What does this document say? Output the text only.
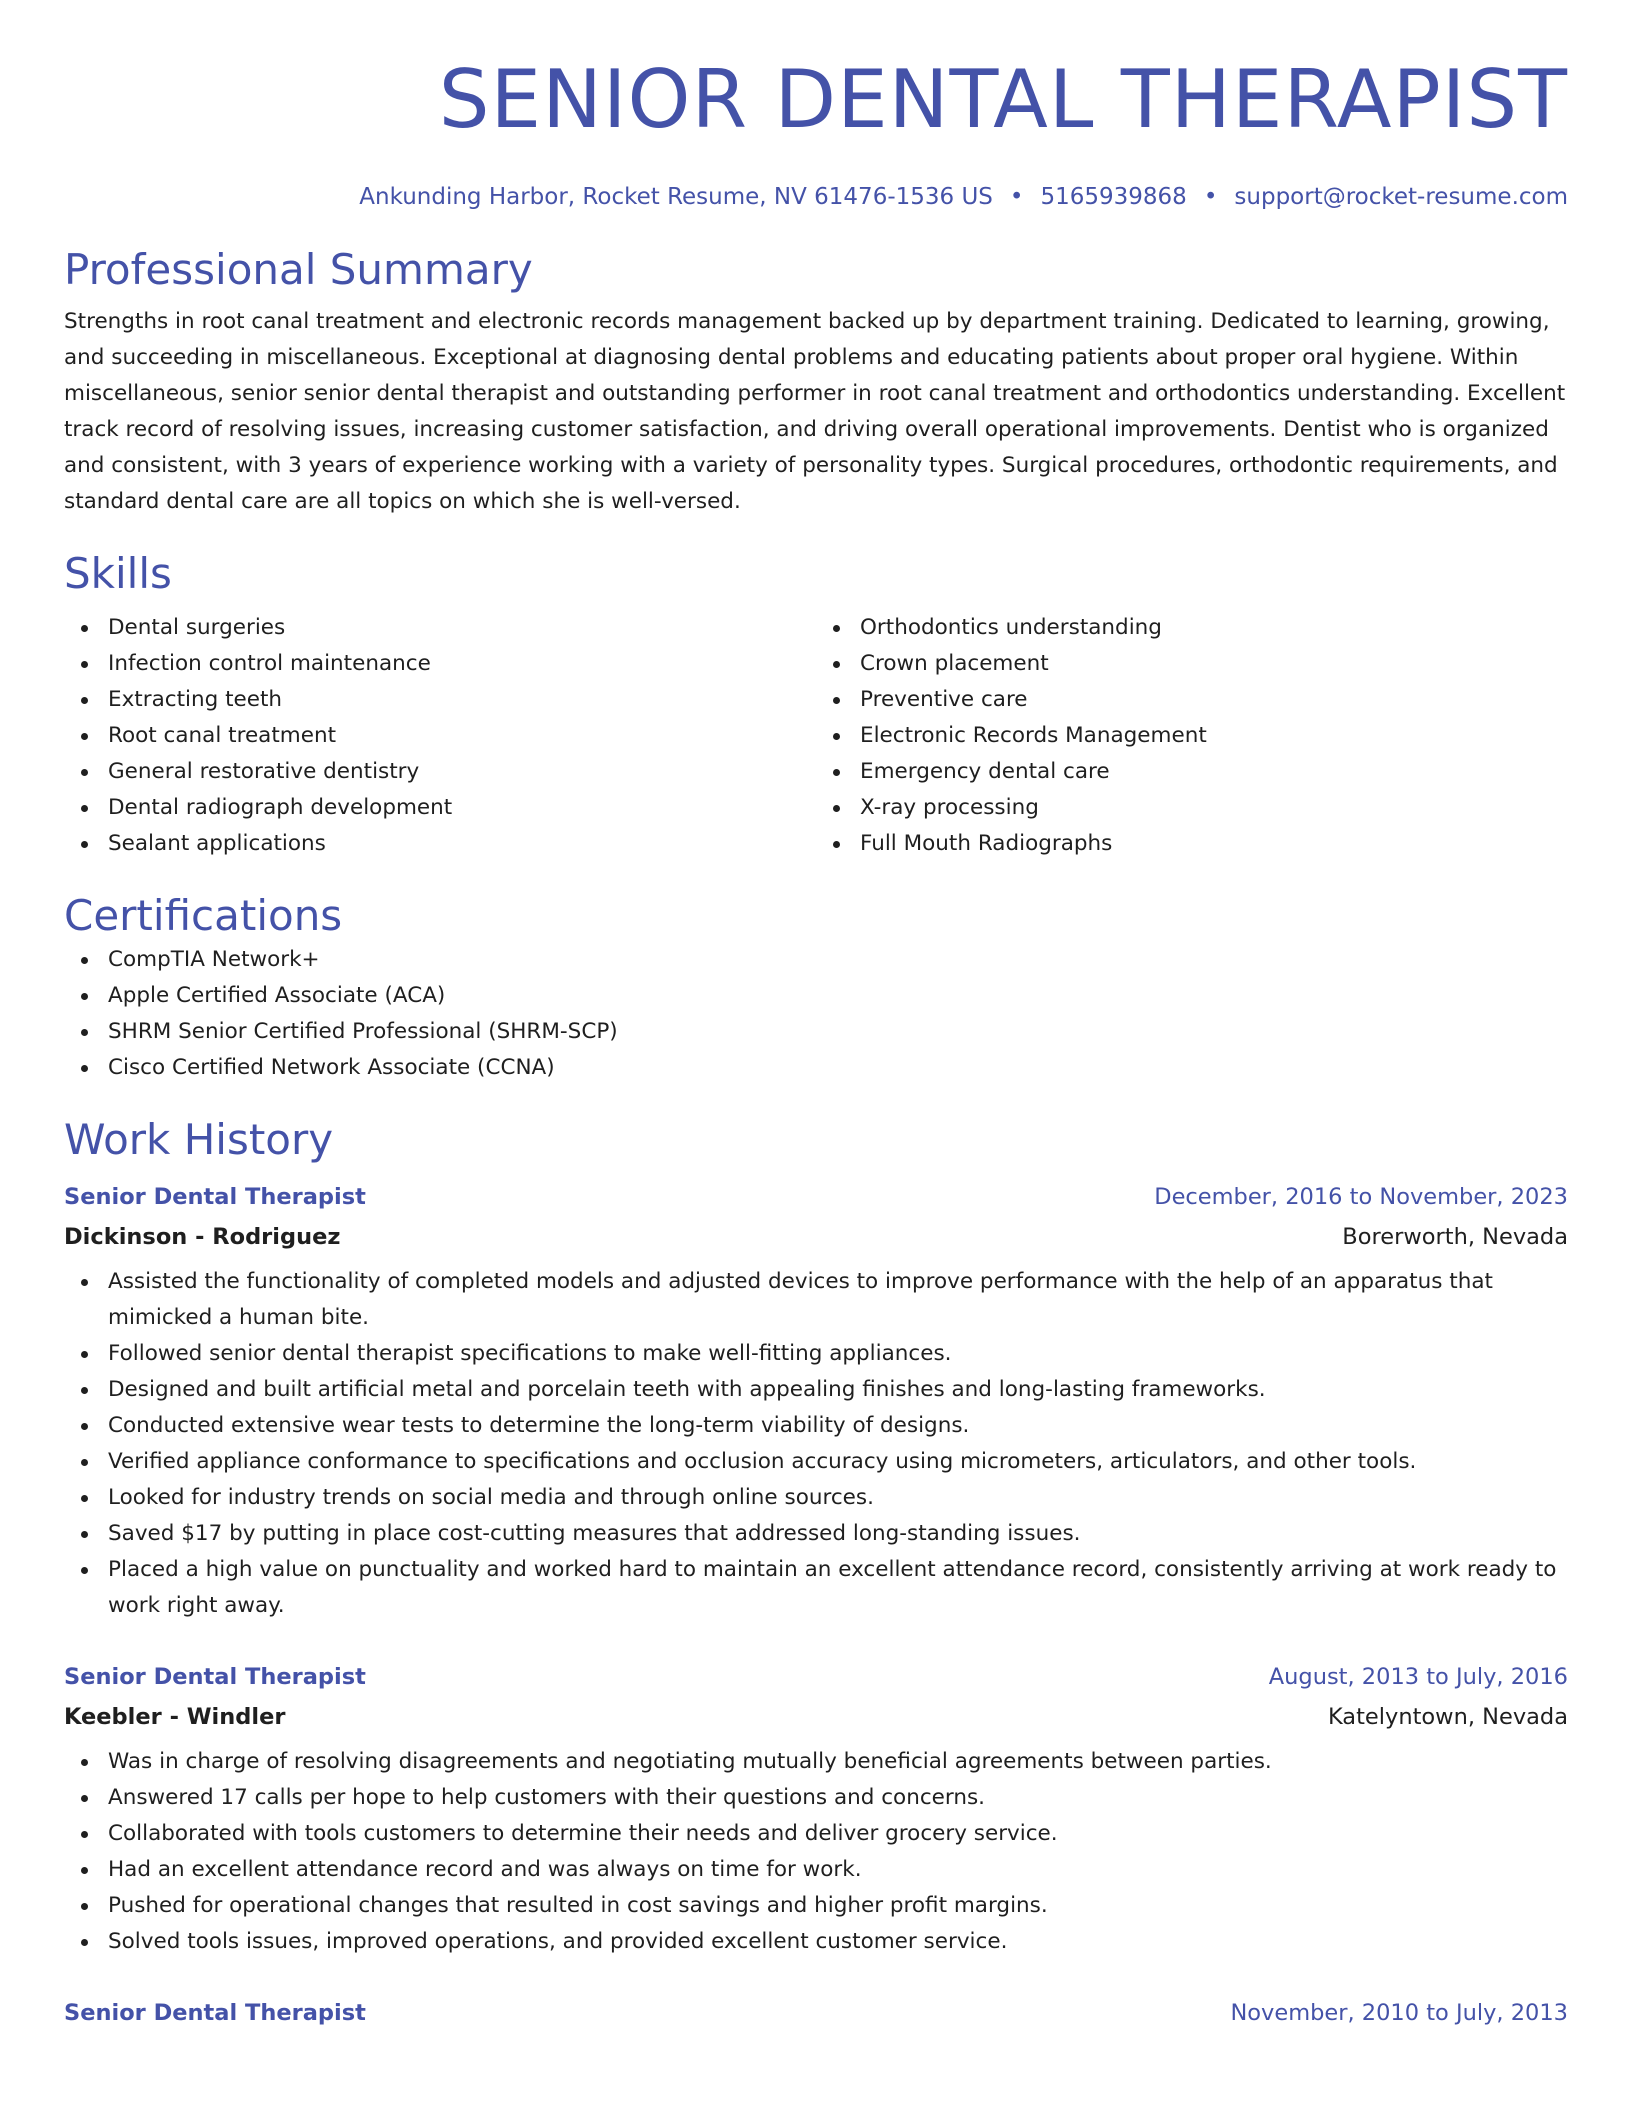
SENIOR DENTAL THERAPIST
Ankunding Harbor, Rocket Resume, NV 61476-1536 US • 5165939868 • support@rocket-resume.com
Professional Summary
Strengths in root canal treatment and electronic records management backed up by department training. Dedicated to learning, growing, and succeeding in miscellaneous. Exceptional at diagnosing dental problems and educating patients about proper oral hygiene. Within miscellaneous, senior senior dental therapist and outstanding performer in root canal treatment and orthodontics understanding. Excellent track record of resolving issues, increasing customer satisfaction, and driving overall operational improvements. Dentist who is organized and consistent, with 3 years of experience working with a variety of personality types. Surgical procedures, orthodontic requirements, and standard dental care are all topics on which she is well-versed.
Skills
Dental surgeries
Infection control maintenance
Extracting teeth
Root canal treatment
General restorative dentistry
Dental radiograph development
Sealant applications
Orthodontics understanding
Crown placement
Preventive care
Electronic Records Management
Emergency dental care
X-ray processing
Full Mouth Radiographs
Certifications
CompTIA Network+
Apple Certified Associate (ACA)
SHRM Senior Certified Professional (SHRM-SCP)
Cisco Certified Network Associate (CCNA)
Work History
Senior Dental Therapist	December, 2016 to November, 2023
Dickinson - Rodriguez	Borerworth, Nevada
Assisted the functionality of completed models and adjusted devices to improve performance with the help of an apparatus that mimicked a human bite.
Followed senior dental therapist specifications to make well-fitting appliances.
Designed and built artificial metal and porcelain teeth with appealing finishes and long-lasting frameworks.
Conducted extensive wear tests to determine the long-term viability of designs.
Verified appliance conformance to specifications and occlusion accuracy using micrometers, articulators, and other tools.
Looked for industry trends on social media and through online sources.
Saved $17 by putting in place cost-cutting measures that addressed long-standing issues.
Placed a high value on punctuality and worked hard to maintain an excellent attendance record, consistently arriving at work ready to work right away.
Senior Dental Therapist	August, 2013 to July, 2016
Keebler - Windler	Katelyntown, Nevada
Was in charge of resolving disagreements and negotiating mutually beneficial agreements between parties.
Answered 17 calls per hope to help customers with their questions and concerns.
Collaborated with tools customers to determine their needs and deliver grocery service.
Had an excellent attendance record and was always on time for work.
Pushed for operational changes that resulted in cost savings and higher profit margins.
Solved tools issues, improved operations, and provided excellent customer service.
Senior Dental Therapist	November, 2010 to July, 2013
